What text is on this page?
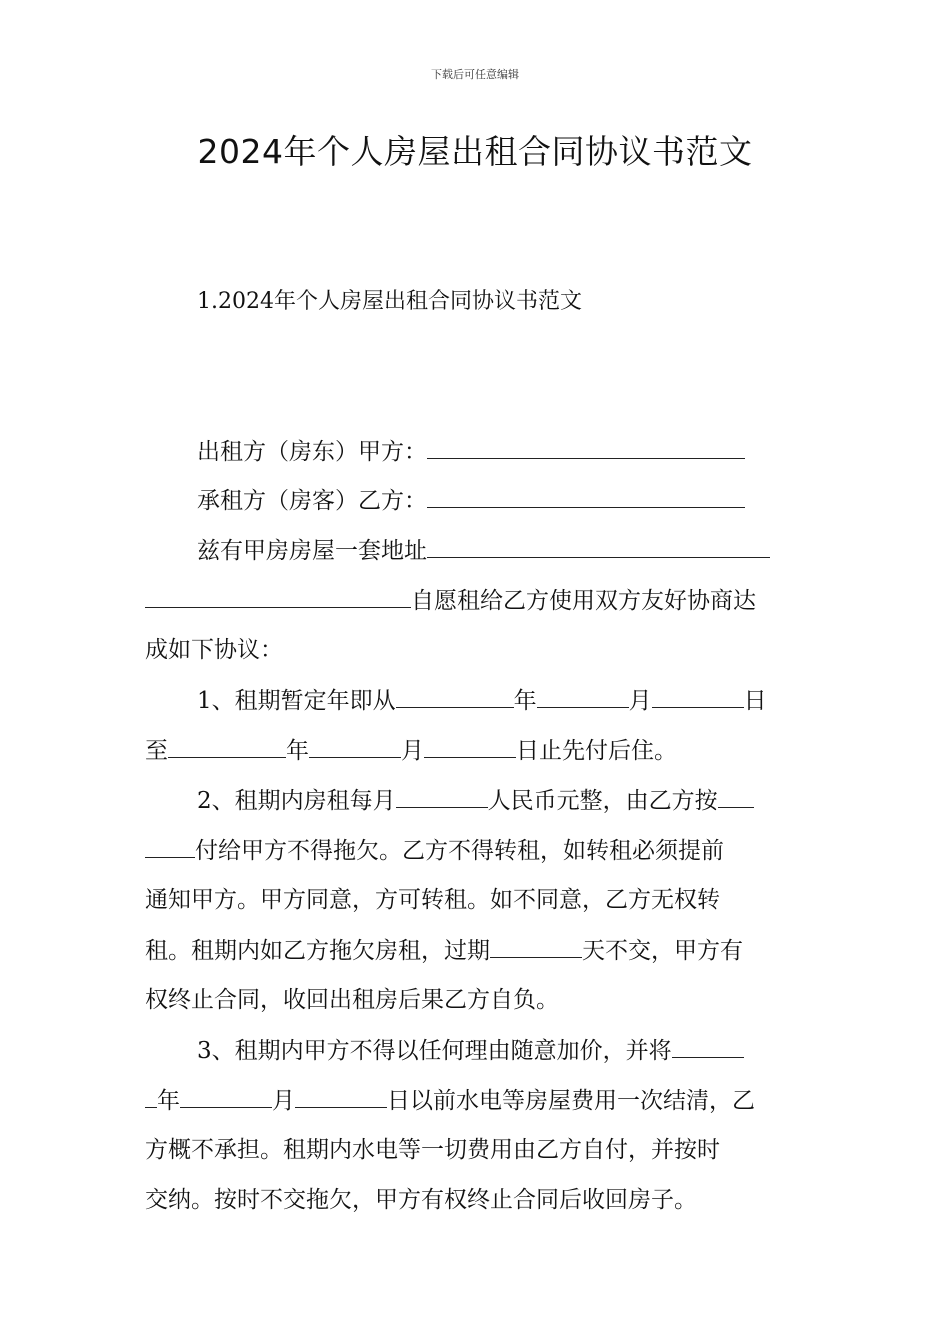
下载后可任意编辑
2024年个人房屋出租合同协议书范文
1.2024年个人房屋出租合同协议书范文
出租方（房东）甲方：
承租方（房客）乙方：
兹有甲房房屋一套地址
自愿租给乙方使用双方友好协商达
成如下协议：
1、租期暂定年即从	年	月	日
至	年	月	日止先付后住。
2、租期内房租每月	人民币元整，由乙方按
付给甲方不得拖欠。乙方不得转租，如转租必须提前
通知甲方。甲方同意，方可转租。如不同意，乙方无权转
租。租期内如乙方拖欠房租，过期	天不交，甲方有
权终止合同，收回出租房后果乙方自负。
3、租期内甲方不得以任何理由随意加价，并将
年	月	日以前水电等房屋费用一次结清，乙
方概不承担。租期内水电等一切费用由乙方自付，并按时
交纳。按时不交拖欠，甲方有权终止合同后收回房子。
